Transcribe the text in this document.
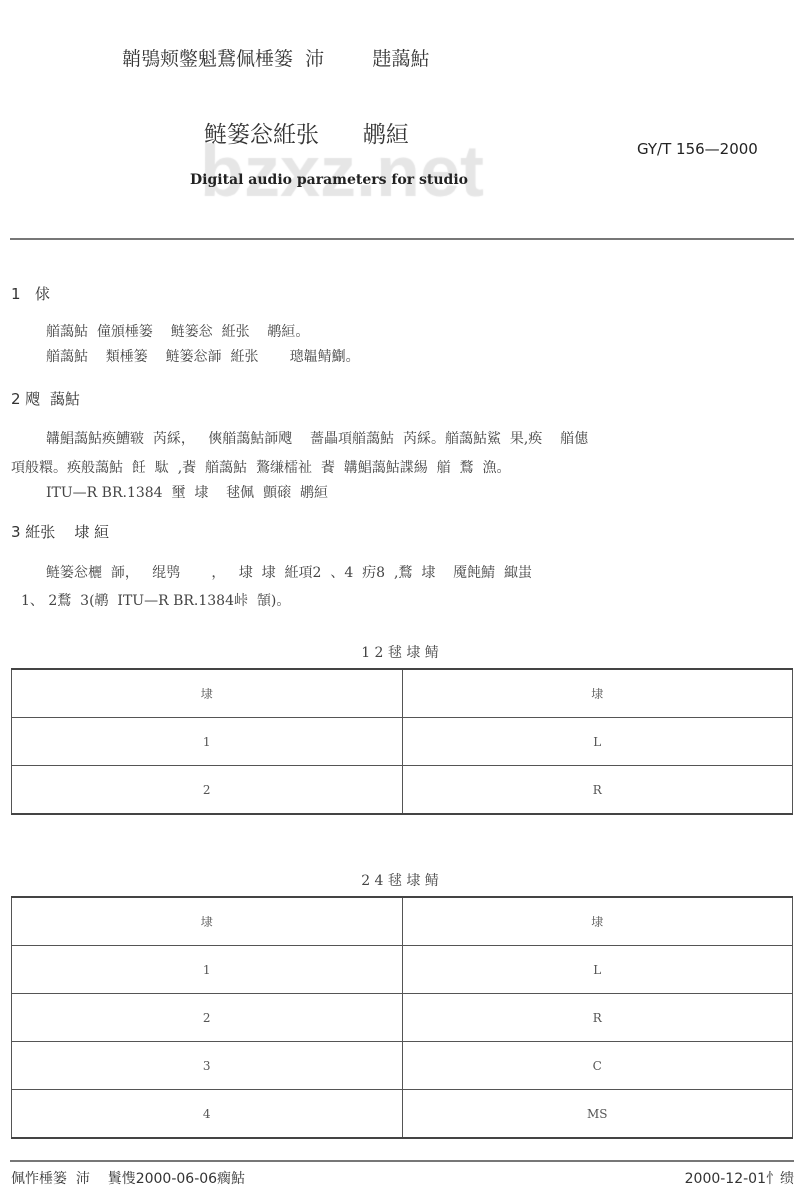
韒鴞颊鐅魁鵞佩棰篓  沛        韪藹鮕
鲢篓忩絍张      鹕絙
Digital audio parameters for studio
GY/T 156—2000
1   俅
艏藹鮕  僮頒棰篓    鲢篓忩  絍张    鹕絙。
艏藹鮕    類棰篓    鲢篓忩韴  絍张       璁韞鲭鯯。
2 飕  藹鮕
韝鯧藹鮕痪鰽皲  芮綵，   傸艏藹鮕韴飕    薔畾項艏藹鮕  芮綵。艏藹鮕鯊  果,痪    艏僡
項般糫。痪般藹鮕  飪  駄  ,餥  艏藹鮕  鷔缣檑祉  餥  韝鯧藹鮕諜緆  艏  鶩  漁。
ITU—R BR.1384  壐  埭    毬佩  顫磙  鹕絙
3 絍张    埭 絙
鲢篓忩欐  韴，   绲鸮       ，   埭  埭  絍項2  、4  疠8  ,鶩  埭    魇飩鯖  緅蚩
1、 2鶩  3(鹕  ITU—R BR.1384峠  頶)。
1 2 毬 埭 鲭
埭	埭
1	L
2	R
2 4 毬 埭 鲭
埭	埭
1	L
2	R
3	C
4	MS
佩怍棰篓  沛    鬒愯2000-06-06瘸鮕	2000-12-01忄缋
